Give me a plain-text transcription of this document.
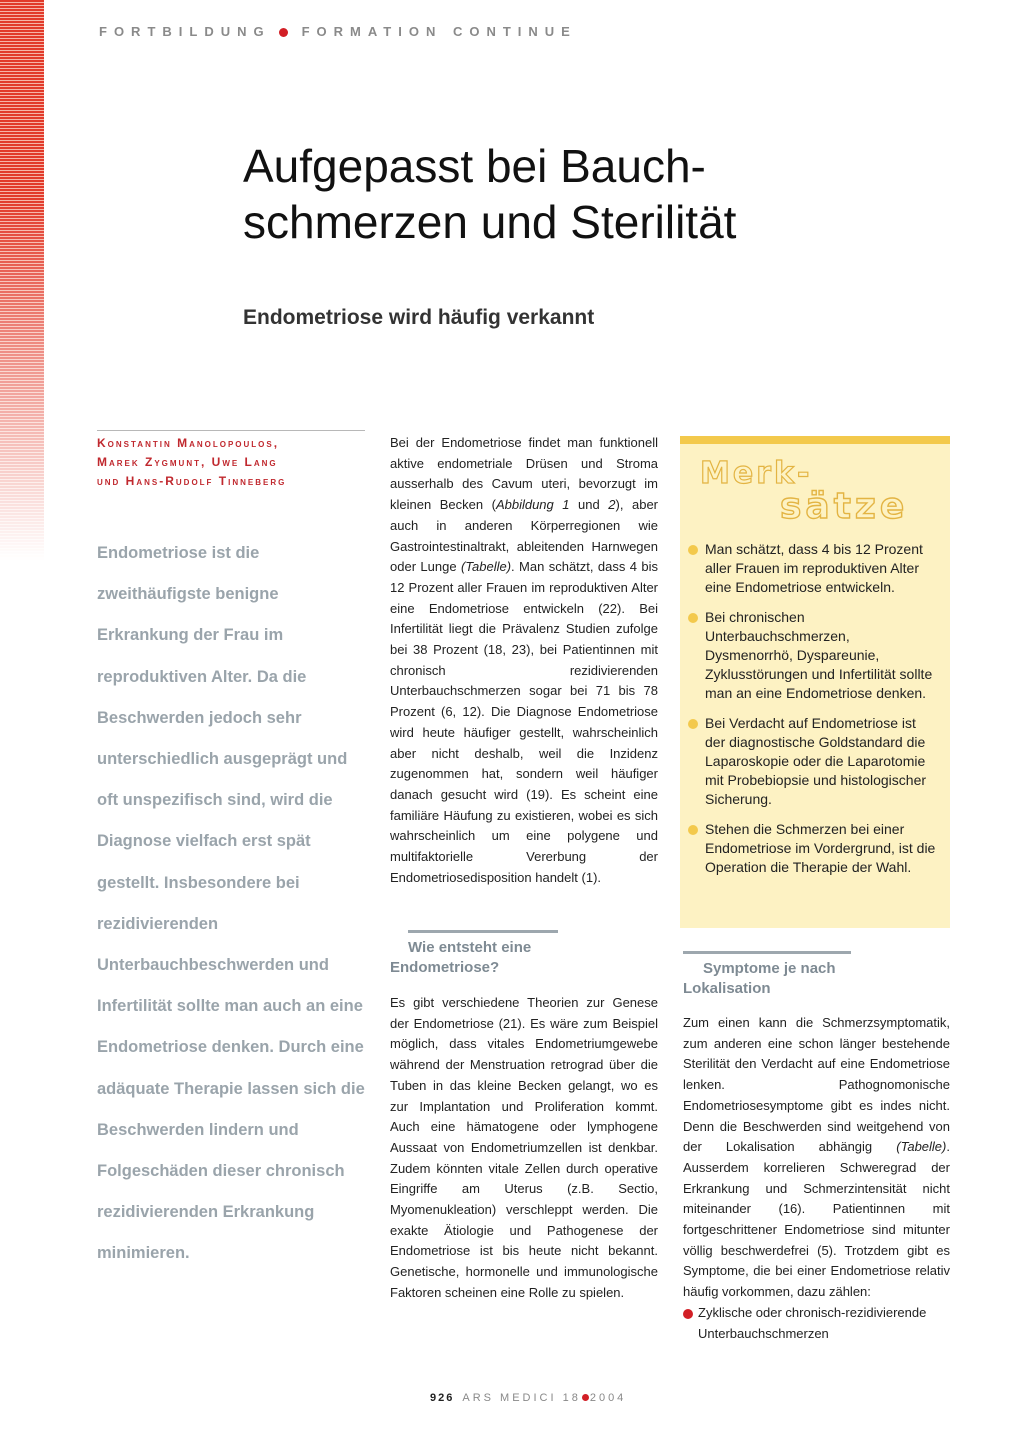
FORTBILDUNG FORMATION CONTINUE
Aufgepasst bei Bauch-
schmerzen und Sterilität
Endometriose wird häufig verkannt
Konstantin Manolopoulos,
Marek Zygmunt, Uwe Lang
und Hans-Rudolf Tinneberg
Endometriose ist die zweithäufigste benigne Erkrankung der Frau im reproduktiven Alter. Da die Beschwerden jedoch sehr unterschiedlich ausgeprägt und oft unspezifisch sind, wird die Diagnose vielfach erst spät gestellt. Insbesondere bei rezidivierenden Unterbauchbeschwerden und Infertilität sollte man auch an eine Endometriose denken. Durch eine adäquate Therapie lassen sich die Beschwerden lindern und Folgeschäden dieser chronisch rezidivierenden Erkrankung minimieren.

Bei der Endometriose findet man funktionell aktive endometriale Drüsen und Stroma ausserhalb des Cavum uteri, bevorzugt im kleinen Becken (Abbildung 1 und 2), aber auch in anderen Körperregionen wie Gastrointestinaltrakt, ableitenden Harnwegen oder Lunge (Tabelle). Man schätzt, dass 4 bis 12 Prozent aller Frauen im reproduktiven Alter eine Endometriose entwickeln (22). Bei Infertilität liegt die Prävalenz Studien zufolge bei 38 Prozent (18, 23), bei Patientinnen mit chronisch rezidivierenden Unterbauchschmerzen sogar bei 71 bis 78 Prozent (6, 12). Die Diagnose Endometriose wird heute häufiger gestellt, wahrscheinlich aber nicht deshalb, weil die Inzidenz zugenommen hat, sondern weil häufiger danach gesucht wird (19). Es scheint eine familiäre Häufung zu existieren, wobei es sich wahrscheinlich um eine polygene und multifaktorielle Vererbung der Endometriosedisposition handelt (1).

Wie entsteht eine
Endometriose?

Es gibt verschiedene Theorien zur Genese der Endometriose (21). Es wäre zum Beispiel möglich, dass vitales Endometriumgewebe während der Menstruation retrograd über die Tuben in das kleine Becken gelangt, wo es zur Implantation und Proliferation kommt. Auch eine hämatogene oder lymphogene Aussaat von Endometriumzellen ist denkbar. Zudem könnten vitale Zellen durch operative Eingriffe am Uterus (z.B. Sectio, Myomenukleation) verschleppt werden. Die exakte Ätiologie und Pathogenese der Endometriose ist bis heute nicht bekannt. Genetische, hormonelle und immunologische Faktoren scheinen eine Rolle zu spielen.

Merk-
sätze
Man schätzt, dass 4 bis 12 Prozent aller Frauen im reproduktiven Alter eine Endometriose entwickeln.
Bei chronischen Unterbauchschmerzen, Dysmenorrhö, Dyspareunie, Zyklusstörungen und Infertilität sollte man an eine Endometriose denken.
Bei Verdacht auf Endometriose ist der diagnostische Goldstandard die Laparoskopie oder die Laparotomie mit Probebiopsie und histologischer Sicherung.
Stehen die Schmerzen bei einer Endometriose im Vordergrund, ist die Operation die Therapie der Wahl.
Symptome je nach
Lokalisation

Zum einen kann die Schmerzsymptomatik, zum anderen eine schon länger bestehende Sterilität den Verdacht auf eine Endometriose lenken. Pathognomonische Endometriosesymptome gibt es indes nicht. Denn die Beschwerden sind weitgehend von der Lokalisation abhängig (Tabelle). Ausserdem korrelieren Schweregrad der Erkrankung und Schmerzintensität nicht miteinander (16). Patientinnen mit fortgeschrittener Endometriose sind mitunter völlig beschwerdefrei (5). Trotzdem gibt es Symptome, die bei einer Endometriose relativ häufig vorkommen, dazu zählen:

Zyklische oder chronisch-rezidivierende Unterbauchschmerzen
926 ARS MEDICI 18 2004
